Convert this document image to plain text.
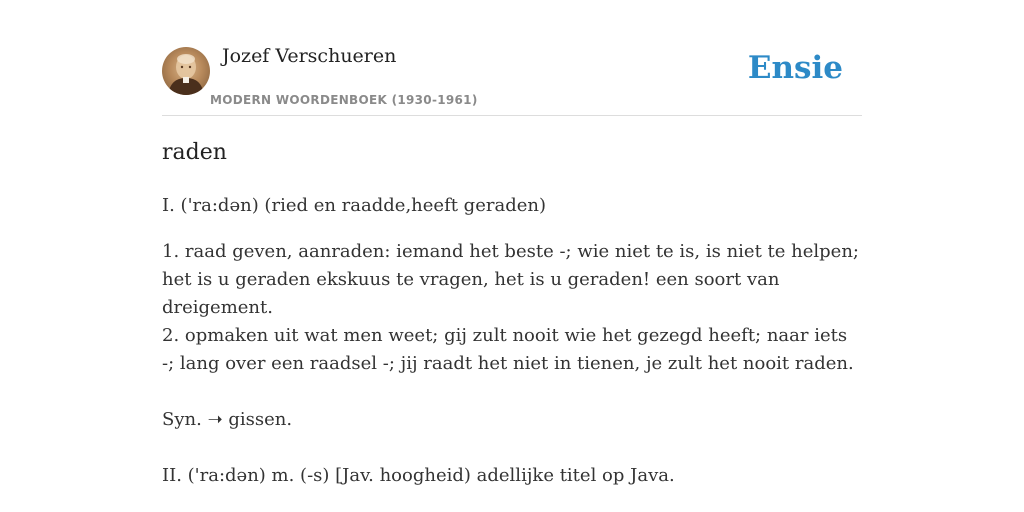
Jozef Verschueren
MODERN WOORDENBOEK (1930-1961)
Ensie
raden

I. ('ra:dən) (ried en raadde,heeft geraden)

1. raad geven, aanraden: iemand het beste -; wie niet te is, is niet te helpen; het is u geraden ekskuus te vragen, het is u geraden! een soort van dreigement.

2. opmaken uit wat men weet; gij zult nooit wie het gezegd heeft; naar iets -; lang over een raadsel -; jij raadt het niet in tienen, je zult het nooit raden.

Syn. ➝ gissen.

II. ('ra:dən) m. (-s) [Jav. hoogheid) adellijke titel op Java.
